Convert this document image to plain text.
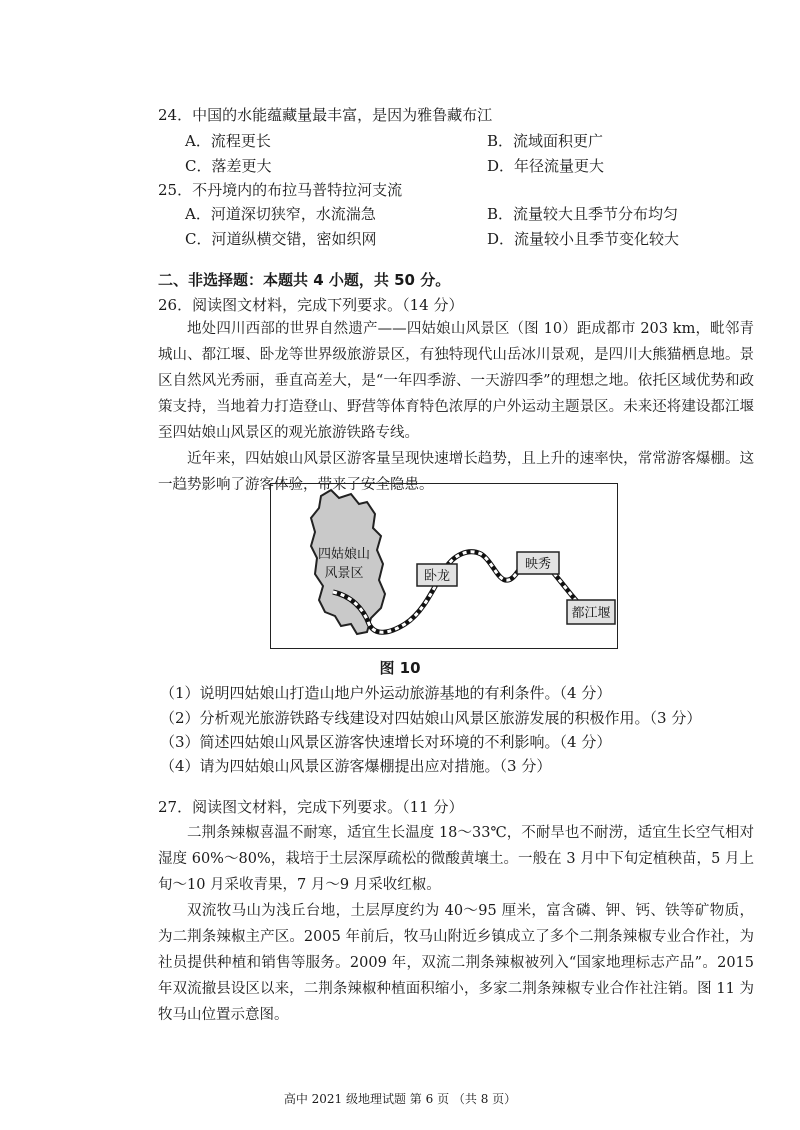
24．中国的水能蕴藏量最丰富，是因为雅鲁藏布江
A．流程更长	B．流域面积更广
C．落差更大	D．年径流量更大
25．不丹境内的布拉马普特拉河支流
A．河道深切狭窄，水流湍急	B．流量较大且季节分布均匀
C．河道纵横交错，密如织网	D．流量较小且季节变化较大
二、非选择题：本题共 4 小题，共 50 分。
26．阅读图文材料，完成下列要求。（14 分）

地处四川西部的世界自然遗产——四姑娘山风景区（图 10）距成都市 203 km，毗邻青城山、都江堰、卧龙等世界级旅游景区，有独特现代山岳冰川景观，是四川大熊猫栖息地。景区自然风光秀丽，垂直高差大，是“一年四季游、一天游四季”的理想之地。依托区域优势和政策支持，当地着力打造登山、野营等体育特色浓厚的户外运动主题景区。未来还将建设都江堰至四姑娘山风景区的观光旅游铁路专线。

近年来，四姑娘山风景区游客量呈现快速增长趋势，且上升的速率快，常常游客爆棚。这一趋势影响了游客体验，带来了安全隐患。

四姑娘山
风景区	卧龙
映秀
都江堰
图 10
（1）说明四姑娘山打造山地户外运动旅游基地的有利条件。（4 分）
（2）分析观光旅游铁路专线建设对四姑娘山风景区旅游发展的积极作用。（3 分）
（3）简述四姑娘山风景区游客快速增长对环境的不利影响。（4 分）
（4）请为四姑娘山风景区游客爆棚提出应对措施。（3 分）
27．阅读图文材料，完成下列要求。（11 分）

二荆条辣椒喜温不耐寒，适宜生长温度 18～33℃，不耐旱也不耐涝，适宜生长空气相对湿度 60%～80%，栽培于土层深厚疏松的微酸黄壤土。一般在 3 月中下旬定植秧苗，5 月上旬～10 月采收青果，7 月～9 月采收红椒。

双流牧马山为浅丘台地，土层厚度约为 40～95 厘米，富含磷、钾、钙、铁等矿物质，为二荆条辣椒主产区。2005 年前后，牧马山附近乡镇成立了多个二荆条辣椒专业合作社，为社员提供种植和销售等服务。2009 年，双流二荆条辣椒被列入“国家地理标志产品”。2015 年双流撤县设区以来，二荆条辣椒种植面积缩小，多家二荆条辣椒专业合作社注销。图 11 为牧马山位置示意图。

高中 2021 级地理试题 第 6 页 （共 8 页）
